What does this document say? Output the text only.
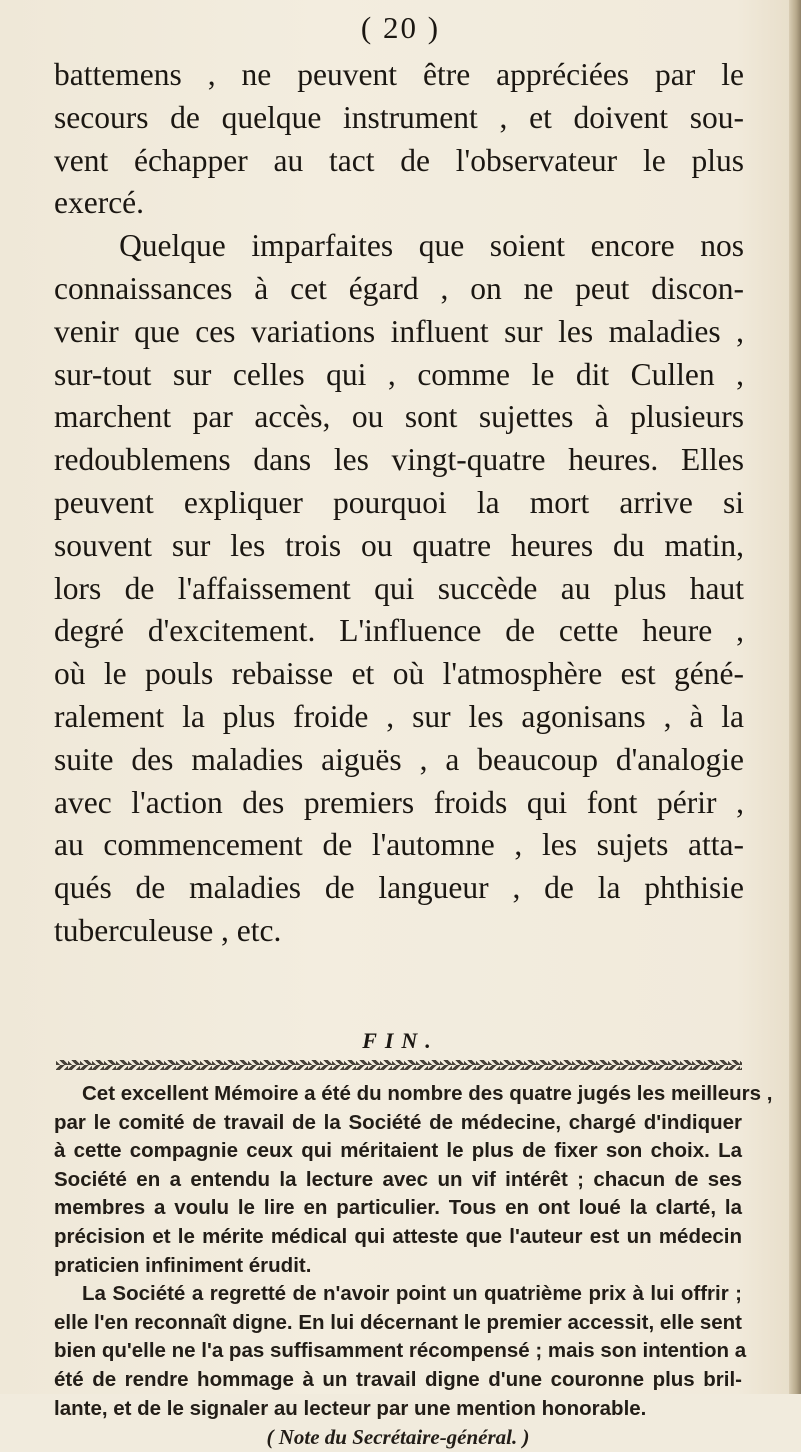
( 20 )

battemens , ne peuvent être appréciées par le
secours de quelque instrument , et doivent sou-
vent échapper au tact de l'observateur le plus
exercé.

Quelque imparfaites que soient encore nos
connaissances à cet égard , on ne peut discon-
venir que ces variations influent sur les maladies ,
sur-tout sur celles qui , comme le dit Cullen ,
marchent par accès, ou sont sujettes à plusieurs
redoublemens dans les vingt-quatre heures. Elles
peuvent expliquer pourquoi la mort arrive si
souvent sur les trois ou quatre heures du matin,
lors de l'affaissement qui succède au plus haut
degré d'excitement. L'influence de cette heure ,
où le pouls rebaisse et où l'atmosphère est géné-
ralement la plus froide , sur les agonisans , à la
suite des maladies aiguës , a beaucoup d'analogie
avec l'action des premiers froids qui font périr ,
au commencement de l'automne , les sujets atta-
qués de maladies de langueur , de la phthisie
tuberculeuse , etc.

FIN.
Cet excellent Mémoire a été du nombre des quatre jugés les meilleurs ,
par le comité de travail de la Société de médecine, chargé d'indiquer
à cette compagnie ceux qui méritaient le plus de fixer son choix. La
Société en a entendu la lecture avec un vif intérêt ; chacun de ses
membres a voulu le lire en particulier. Tous en ont loué la clarté, la
précision et le mérite médical qui atteste que l'auteur est un médecin
praticien infiniment érudit.
La Société a regretté de n'avoir point un quatrième prix à lui offrir ;
elle l'en reconnaît digne. En lui décernant le premier accessit, elle sent
bien qu'elle ne l'a pas suffisamment récompensé ; mais son intention a
été de rendre hommage à un travail digne d'une couronne plus bril-
lante, et de le signaler au lecteur par une mention honorable.
( Note du Secrétaire-général. )
